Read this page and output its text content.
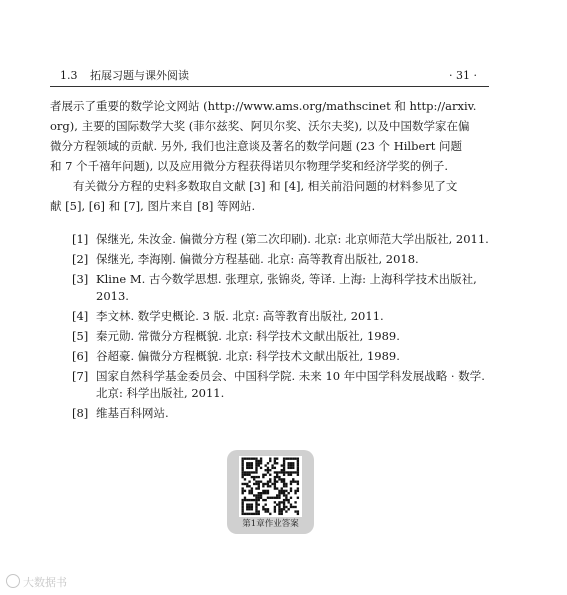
1.3 拓展习题与课外阅读	· 31 ·

者展示了重要的数学论文网站 (http://www.ams.org/mathscinet 和 http://arxiv.

org), 主要的国际数学大奖 (菲尔兹奖、阿贝尔奖、沃尔夫奖), 以及中国数学家在偏

微分方程领域的贡献. 另外, 我们也注意谈及著名的数学问题 (23 个 Hilbert 问题

和 7 个千禧年问题), 以及应用微分方程获得诺贝尔物理学奖和经济学奖的例子.

有关微分方程的史料多数取自文献 [3] 和 [4], 相关前沿问题的材料参见了文

献 [5], [6] 和 [7], 图片来自 [8] 等网站.

[1] 保继光, 朱汝金. 偏微分方程 (第二次印刷). 北京: 北京师范大学出版社, 2011.
[2] 保继光, 李海刚. 偏微分方程基础. 北京: 高等教育出版社, 2018.
[3] Kline M. 古今数学思想. 张理京, 张锦炎, 等译. 上海: 上海科学技术出版社, 2013.
[4] 李文林. 数学史概论. 3 版. 北京: 高等教育出版社, 2011.
[5] 秦元勋. 常微分方程概貌. 北京: 科学技术文献出版社, 1989.
[6] 谷超豪. 偏微分方程概貌. 北京: 科学技术文献出版社, 1989.
[7] 国家自然科学基金委员会、中国科学院. 未来 10 年中国学科发展战略 · 数学. 北京: 科学出版社, 2011.
[8] 维基百科网站.
第1章作业答案
大数据书
